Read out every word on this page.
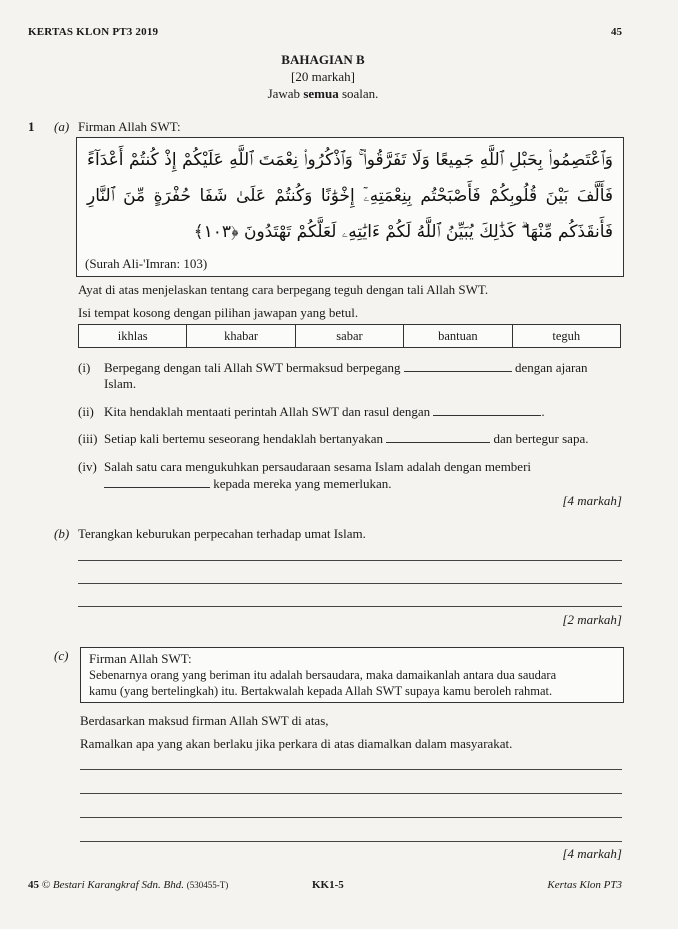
KERTAS KLON PT3 2019	45
BAHAGIAN B
[20 markah]
Jawab semua soalan.
1 (a) Firman Allah SWT:
وَٱعْتَصِمُوا۟ بِحَبْلِ ٱللَّهِ جَمِيعًا وَلَا تَفَرَّقُوا۟ ۚ وَٱذْكُرُوا۟ نِعْمَتَ ٱللَّهِ عَلَيْكُمْ إِذْ كُنتُمْ أَعْدَآءً فَأَلَّفَ بَيْنَ قُلُوبِكُمْ فَأَصْبَحْتُم بِنِعْمَتِهِۦٓ إِخْوَٰنًا وَكُنتُمْ عَلَىٰ شَفَا حُفْرَةٍ مِّنَ ٱلنَّارِ فَأَنقَذَكُم مِّنْهَا ۗ كَذَٰلِكَ يُبَيِّنُ ٱللَّهُ لَكُمْ ءَايَٰتِهِۦ لَعَلَّكُمْ تَهْتَدُونَ ﴿١٠٣﴾
(Surah Ali-'Imran: 103)
Ayat di atas menjelaskan tentang cara berpegang teguh dengan tali Allah SWT.
Isi tempat kosong dengan pilihan jawapan yang betul.
ikhlas	khabar	sabar	bantuan	teguh
(i) Berpegang dengan tali Allah SWT bermaksud berpegang	dengan ajaran
Islam.
(ii) Kita hendaklah mentaati perintah Allah SWT dan rasul dengan	.
(iii) Setiap kali bertemu seseorang hendaklah bertanyakan	dan bertegur sapa.
(iv) Salah satu cara mengukuhkan persaudaraan sesama Islam adalah dengan memberi
kepada mereka yang memerlukan.
[4 markah]
(b) Terangkan keburukan perpecahan terhadap umat Islam.
[2 markah]
(c) Firman Allah SWT:
Sebenarnya orang yang beriman itu adalah bersaudara, maka damaikanlah antara dua saudara
kamu (yang bertelingkah) itu. Bertakwalah kepada Allah SWT supaya kamu beroleh rahmat.
Berdasarkan maksud firman Allah SWT di atas,
Ramalkan apa yang akan berlaku jika perkara di atas diamalkan dalam masyarakat.
[4 markah]
45 © Bestari Karangkraf Sdn. Bhd. (530455-T)	KK1-5	Kertas Klon PT3
